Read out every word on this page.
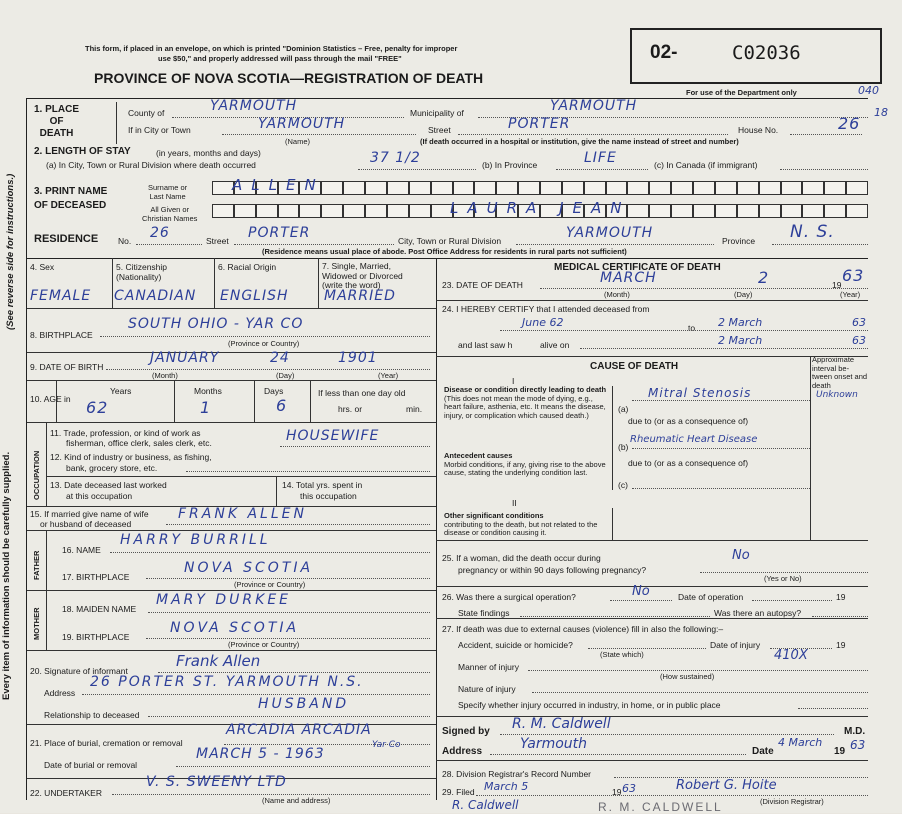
Every item of information should be carefully supplied.
(See reverse side for instructions.)
This form, if placed in an envelope, on which is printed "Dominion Statistics – Free, penalty for improper
use $50," and properly addressed will pass through the mail "FREE"
PROVINCE OF NOVA SCOTIA—REGISTRATION OF DEATH
02-	C02036
For use of the Department only	040
18
1. PLACE
OF
DEATH
County of	YARMOUTH	Municipality of	YARMOUTH
If in City or Town	YARMOUTH
(Name)
Street	PORTER	House No.	26
(If death occurred in a hospital or institution, give the name instead of street and number)
2. LENGTH OF STAY	(in years, months and days)
(a) In City, Town or Rural Division where death occurred	37 1/2	(b) In Province	LIFE	(c) In Canada (if immigrant)
3. PRINT NAME
OF DECEASED
Surname or
Last Name
All Given or
Christian Names
ALLEN
LAURA JEAN
RESIDENCE No. 26	Street PORTER	City, Town or Rural Division	YARMOUTH	Province N. S.
(Residence means usual place of abode. Post Office Address for residents in rural parts not sufficient)
4. Sex
FEMALE
5. Citizenship
(Nationality)
CANADIAN
6. Racial Origin
ENGLISH
7. Single, Married,
Widowed or Divorced
(write the word)
MARRIED
8. BIRTHPLACE
SOUTH OHIO - YAR CO
(Province or Country)
9. DATE OF BIRTH
JANUARY	24	1901
(Month)	(Day)	(Year)
10. AGE in
Years
62
Months
1
Days
6
If less than one day old
hrs. or	min.
OCCUPATION
11. Trade, profession, or kind of work as
fisherman, office clerk, sales clerk, etc.	HOUSEWIFE
12. Kind of industry or business, as fishing,
bank, grocery store, etc.
13. Date deceased last worked
at this occupation
14. Total yrs. spent in
this occupation
15. If married give name of wife
or husband of deceased
FRANK ALLEN
FATHER
16. NAME
HARRY BURRILL
17. BIRTHPLACE
NOVA SCOTIA
(Province or Country)
MOTHER 18. MAIDEN NAME
MARY DURKEE
19. BIRTHPLACE
NOVA SCOTIA
(Province or Country)
20. Signature of informant
Frank Allen
Address
26 PORTER ST. YARMOUTH N.S.
Relationship to deceased
HUSBAND
21. Place of burial, cremation or removal
ARCADIA ARCADIA
Date of burial or removal
MARCH 5 - 1963
Yar Co
22. UNDERTAKER
V. S. SWEENY LTD
(Name and address)
MEDICAL CERTIFICATE OF DEATH
23. DATE OF DEATH	MARCH	2	19 63
(Month)	(Day)	(Year)
24. I HEREBY CERTIFY that I attended deceased from
June 62	to 2 March	63
and last saw h	alive on	2 March	63
CAUSE OF DEATH
Approximate interval be-tween onset and death
I
Disease or condition directly leading to death (This does not mean the mode of dying, e.g., heart failure, asthenia, etc. It means the disease, injury, or complication which caused death.)
(a)
Mitral Stenosis	Unknown
due to (or as a consequence of)
Antecedent causes
Morbid conditions, if any, giving rise to the above cause, stating the underlying condition last.
(b)
Rheumatic Heart Disease
due to (or as a consequence of)
(c)
II
Other significant conditions
contributing to the death, but not related to the disease or condition causing it.
25. If a woman, did the death occur during
pregnancy or within 90 days following pregnancy?
No
(Yes or No)
26. Was there a surgical operation?	No	Date of operation	19
State findings	Was there an autopsy?
27. If death was due to external causes (violence) fill in also the following:–
Accident, suicide or homicide?
(State which)
Date of injury	19
Manner of injury
410X
(How sustained)
Nature of injury
Specify whether injury occurred in industry, in home, or in public place
Signed by R. M. Caldwell	M.D.
Address	Yarmouth	Date
4 March
19 63
28. Division Registrar's Record Number
29. Filed March 5	19 63	Robert G. Hoite
(Division Registrar)
R. Caldwell	R. M. CALDWELL
